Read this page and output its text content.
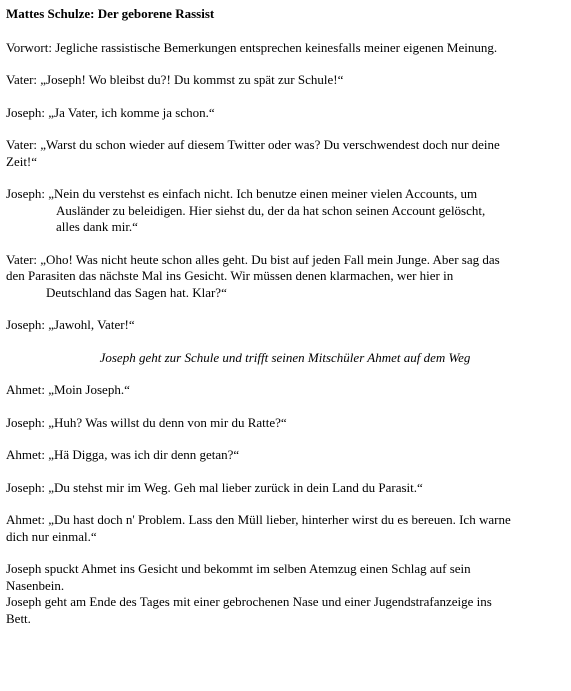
Mattes Schulze: Der geborene Rassist
Vorwort: Jegliche rassistische Bemerkungen entsprechen keinesfalls meiner eigenen Meinung.
Vater: „Joseph! Wo bleibst du?! Du kommst zu spät zur Schule!“
Joseph: „Ja Vater, ich komme ja schon.“
Vater: „Warst du schon wieder auf diesem Twitter oder was? Du verschwendest doch nur deine
Zeit!“
Joseph: „Nein du verstehst es einfach nicht. Ich benutze einen meiner vielen Accounts, um
Ausländer zu beleidigen. Hier siehst du, der da hat schon seinen Account gelöscht,
alles dank mir.“
Vater: „Oho! Was nicht heute schon alles geht. Du bist auf jeden Fall mein Junge. Aber sag das
den Parasiten das nächste Mal ins Gesicht. Wir müssen denen klarmachen, wer hier in
Deutschland das Sagen hat. Klar?“
Joseph: „Jawohl, Vater!“
Joseph geht zur Schule und trifft seinen Mitschüler Ahmet auf dem Weg
Ahmet: „Moin Joseph.“
Joseph: „Huh? Was willst du denn von mir du Ratte?“
Ahmet: „Hä Digga, was ich dir denn getan?“
Joseph: „Du stehst mir im Weg. Geh mal lieber zurück in dein Land du Parasit.“
Ahmet: „Du hast doch n' Problem. Lass den Müll lieber, hinterher wirst du es bereuen. Ich warne
dich nur einmal.“
Joseph spuckt Ahmet ins Gesicht und bekommt im selben Atemzug einen Schlag auf sein
Nasenbein.
Joseph geht am Ende des Tages mit einer gebrochenen Nase und einer Jugendstrafanzeige ins
Bett.
